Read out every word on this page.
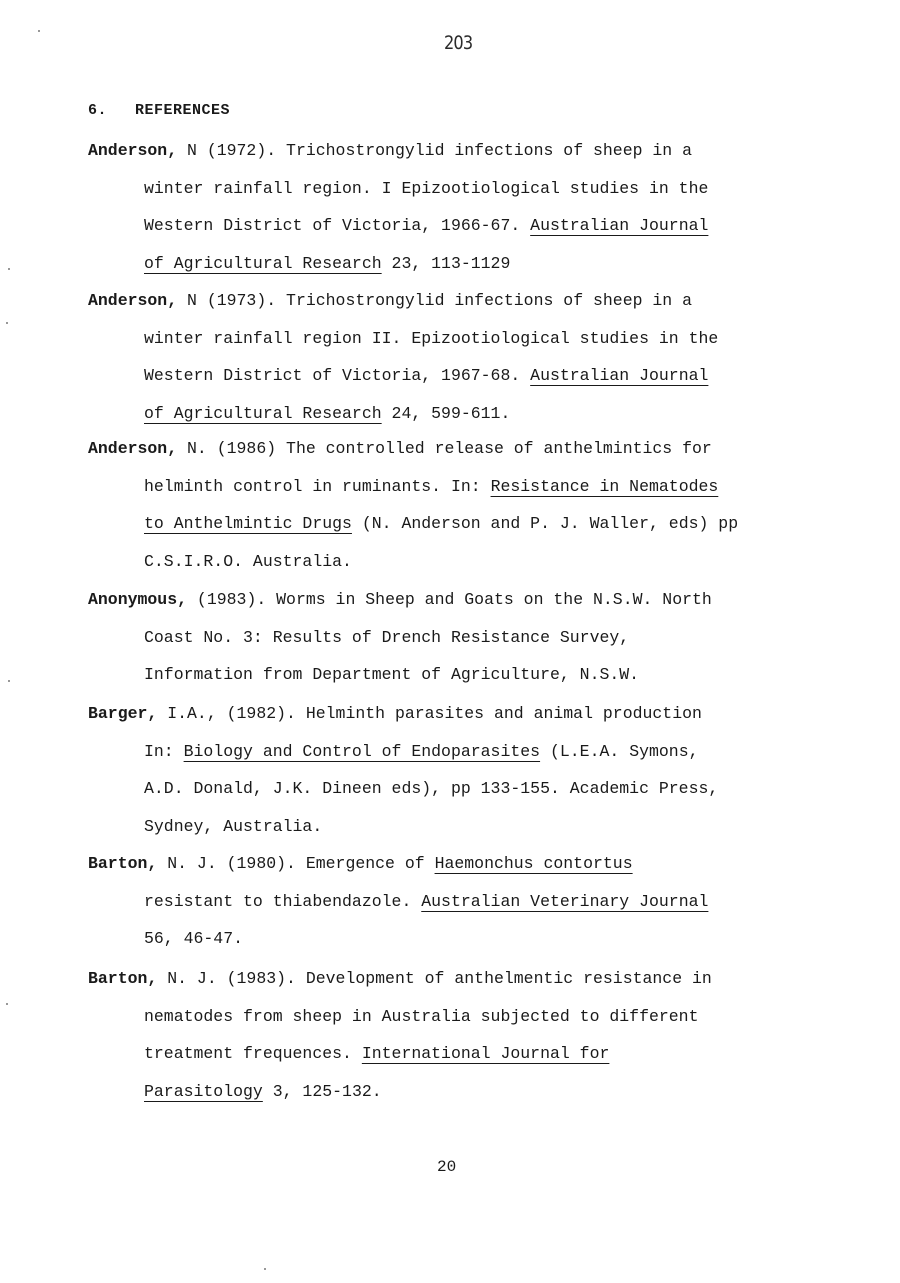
203
6. REFERENCES
Anderson, N (1972). Trichostrongylid infections of sheep in a
winter rainfall region. I Epizootiological studies in the
Western District of Victoria, 1966-67. Australian Journal
of Agricultural Research 23, 113-1129
Anderson, N (1973). Trichostrongylid infections of sheep in a
winter rainfall region II. Epizootiological studies in the
Western District of Victoria, 1967-68. Australian Journal
of Agricultural Research 24, 599-611.
Anderson, N. (1986) The controlled release of anthelmintics for
helminth control in ruminants. In: Resistance in Nematodes
to Anthelmintic Drugs (N. Anderson and P. J. Waller, eds) pp
C.S.I.R.O. Australia.
Anonymous, (1983). Worms in Sheep and Goats on the N.S.W. North
Coast No. 3: Results of Drench Resistance Survey,
Information from Department of Agriculture, N.S.W.
Barger, I.A., (1982). Helminth parasites and animal production
In: Biology and Control of Endoparasites (L.E.A. Symons,
A.D. Donald, J.K. Dineen eds), pp 133-155. Academic Press,
Sydney, Australia.
Barton, N. J. (1980). Emergence of Haemonchus contortus
resistant to thiabendazole. Australian Veterinary Journal
56, 46-47.
Barton, N. J. (1983). Development of anthelmentic resistance in
nematodes from sheep in Australia subjected to different
treatment frequences. International Journal for
Parasitology 3, 125-132.
20
